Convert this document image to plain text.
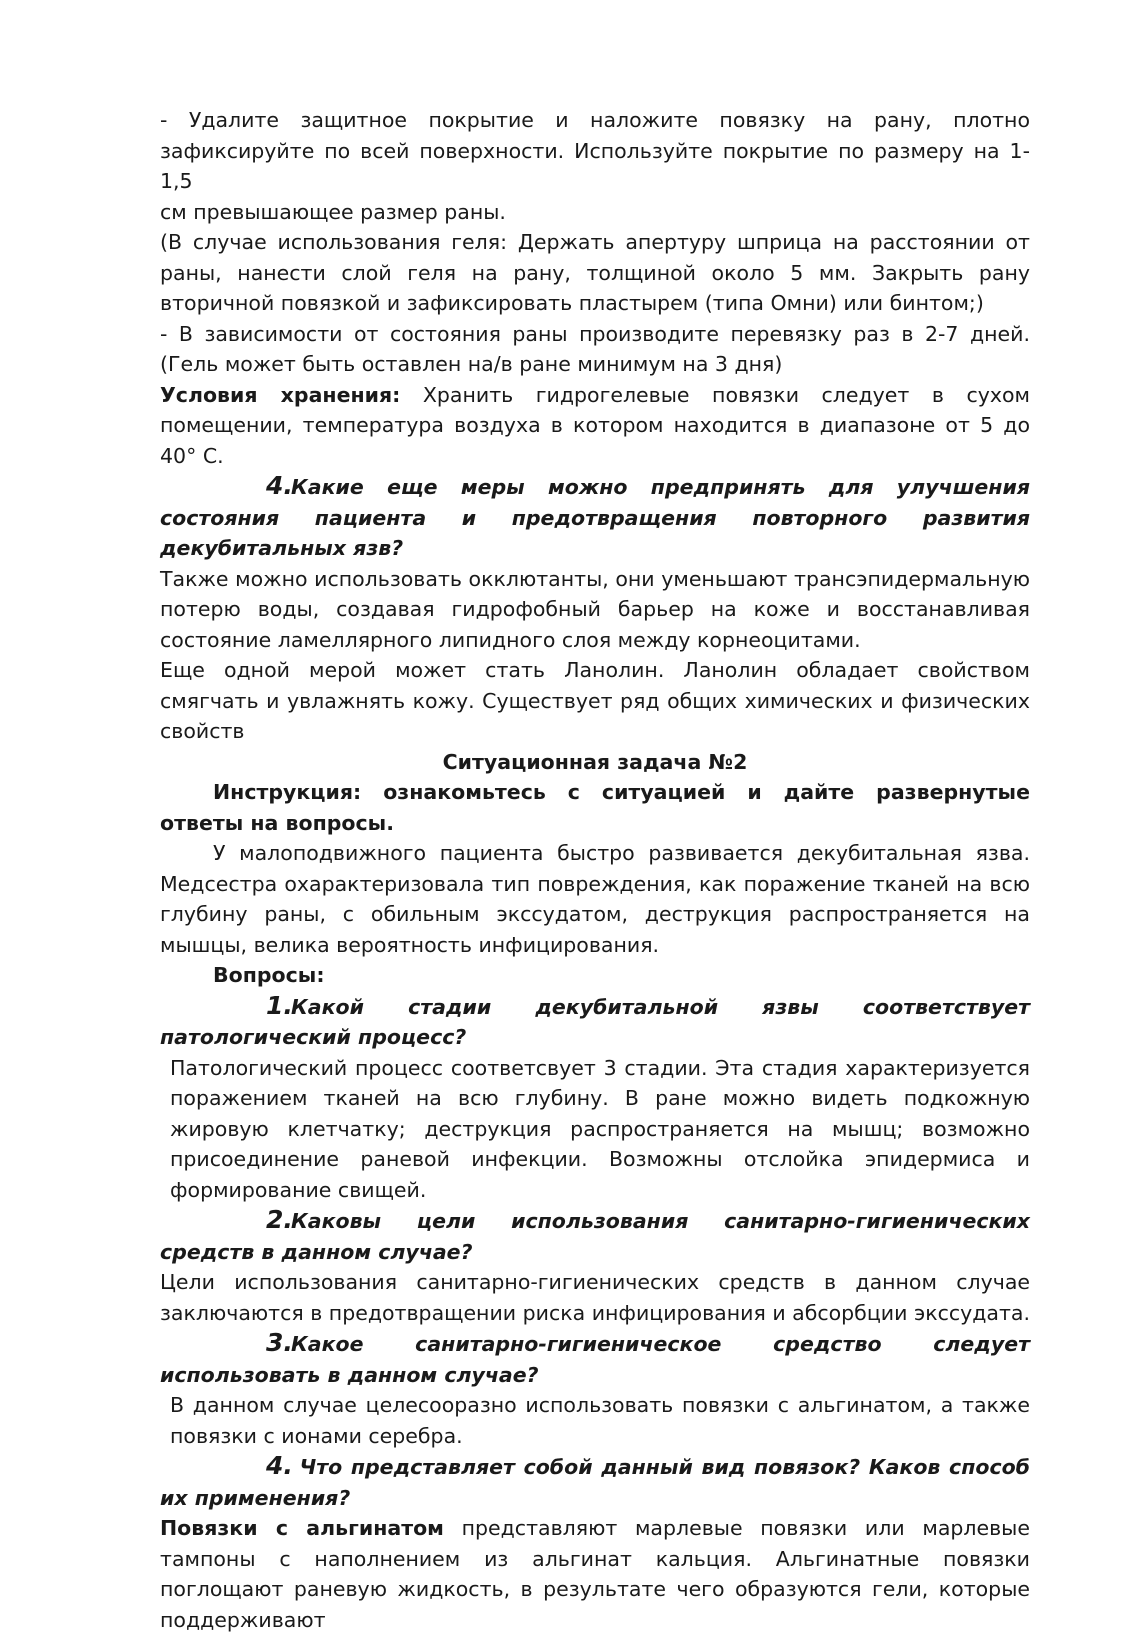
- Удалите защитное покрытие и наложите повязку на рану, плотно

зафиксируйте по всей поверхности. Используйте покрытие по размеру на 1-1,5

см превышающее размер раны.

(В случае использования геля: Держать апертуру шприца на расстоянии от раны, нанести слой геля на рану, толщиной около 5 мм. Закрыть рану вторичной повязкой и зафиксировать пластырем (типа Омни) или бинтом;)

- В зависимости от состояния раны производите перевязку раз в 2-7 дней. (Гель может быть оставлен на/в ране минимум на 3 дня)

Условия хранения: Хранить гидрогелевые повязки следует в сухом помещении, температура воздуха в котором находится в диапазоне от 5 до 40° С.

4.Какие еще меры можно предпринять для улучшения состояния пациента и предотвращения повторного развития декубитальных язв?

Также можно использовать окклютанты, они уменьшают трансэпидермальную потерю воды, создавая гидрофобный барьер на коже и восстанавливая состояние ламеллярного липидного слоя между корнеоцитами.

Еще одной мерой может стать Ланолин. Ланолин обладает свойством смягчать и увлажнять кожу. Существует ряд общих химических и физических свойств

Ситуационная задача №2

Инструкция: ознакомьтесь с ситуацией и дайте развернутые ответы на вопросы.

У малоподвижного пациента быстро развивается декубитальная язва. Медсестра охарактеризовала тип повреждения, как поражение тканей на всю глубину раны, с обильным экссудатом, деструкция распространяется на мышцы, велика вероятность инфицирования.

Вопросы:

1.Какой стадии декубитальной язвы соответствует патологический процесс?

Патологический процесс соответсвует 3 стадии. Эта стадия характеризуется поражением тканей на всю глубину. В ране можно видеть подкожную жировую клетчатку; деструкция распространяется на мышц; возможно присоединение раневой инфекции. Возможны отслойка эпидермиса и формирование свищей.

2.Каковы цели использования санитарно-гигиенических средств в данном случае?

Цели использования санитарно-гигиенических средств в данном случае заключаются в предотвращении риска инфицирования и абсорбции экссудата.

3.Какое санитарно-гигиеническое средство следует использовать в данном случае?

В данном случае целесооразно использовать повязки с альгинатом, а также повязки с ионами серебра.

4. Что представляет собой данный вид повязок? Каков способ их применения?

Повязки с альгинатом представляют марлевые повязки или марлевые тампоны с наполнением из альгинат кальция. Альгинатные повязки поглощают раневую жидкость, в результате чего образуются гели, которые поддерживают
